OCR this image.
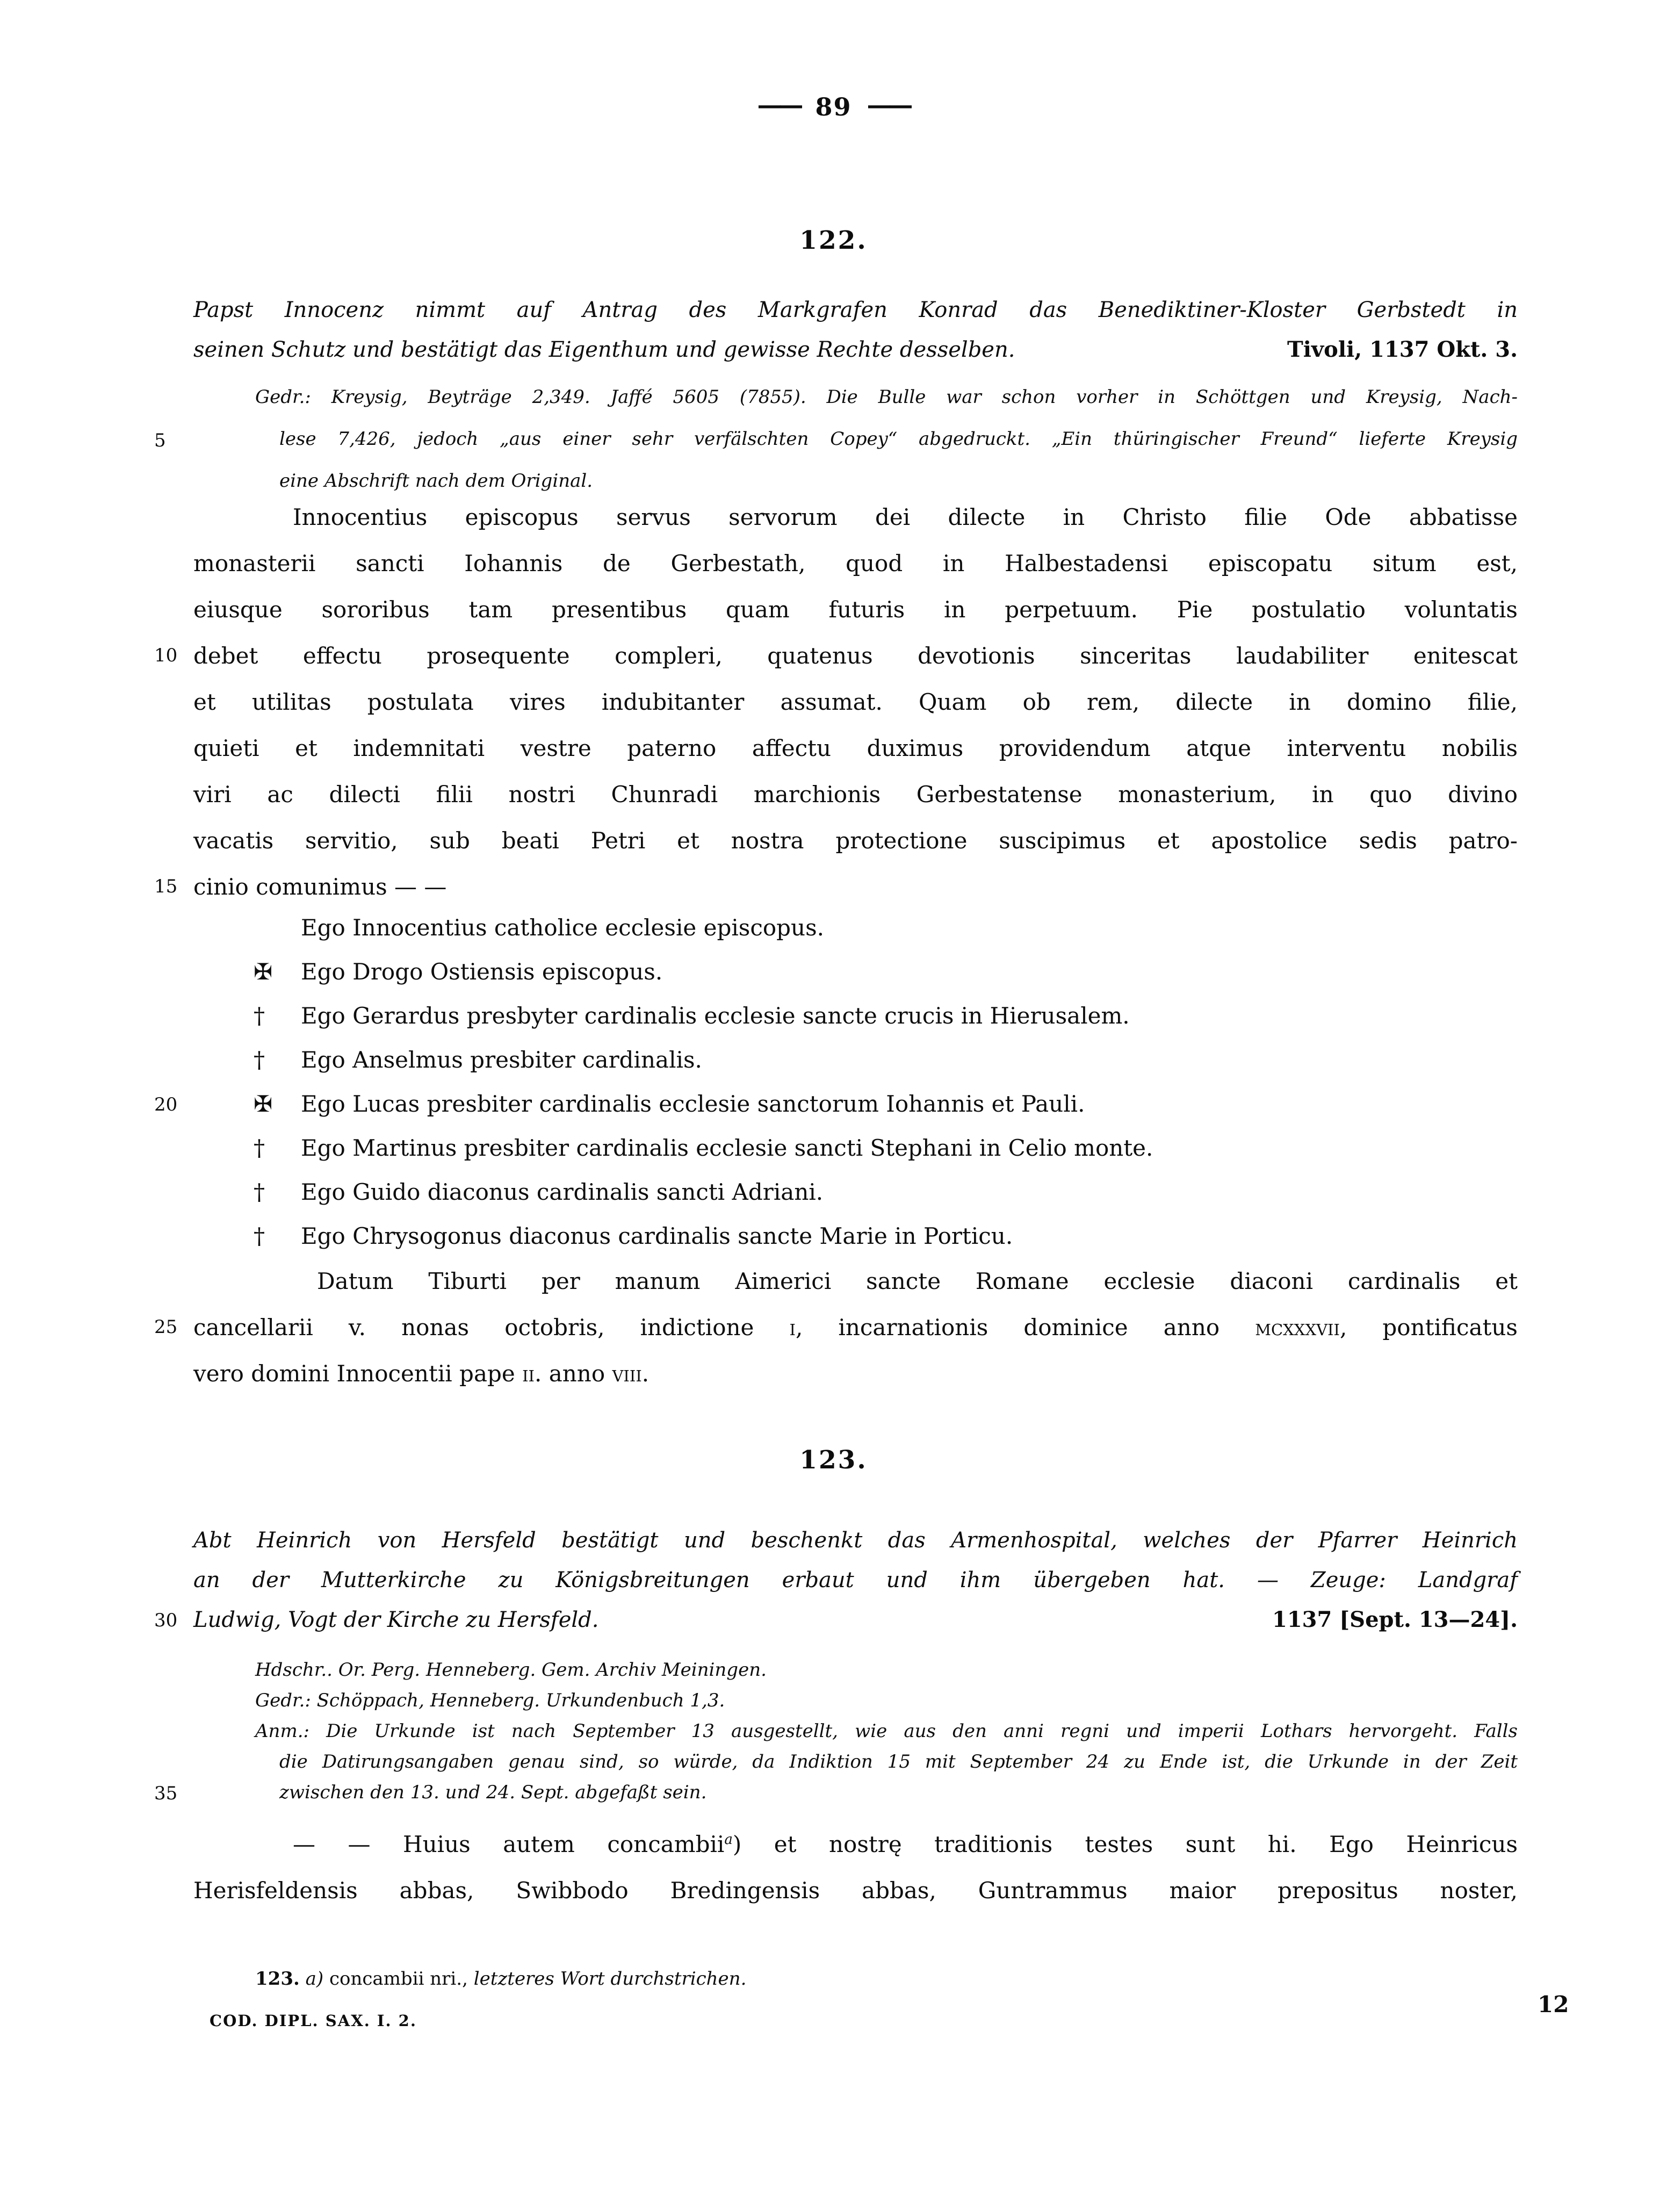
—— 89 ——
122.
Papst Innocenz nimmt auf Antrag des Markgrafen Konrad das Benediktiner-Kloster Gerbstedt in
seinen Schutz und bestätigt das Eigenthum und gewisse Rechte desselben.	Tivoli, 1137 Okt. 3.
Gedr.: Kreysig, Beyträge 2,349. Jaffé 5605 (7855). Die Bulle war schon vorher in Schöttgen und Kreysig, Nach-
lese 7,426, jedoch „aus einer sehr verfälschten Copey“ abgedruckt. „Ein thüringischer Freund“ lieferte Kreysig
eine Abschrift nach dem Original.
Innocentius episcopus servus servorum dei dilecte in Christo filie Ode abbatisse
monasterii sancti Iohannis de Gerbestath, quod in Halbestadensi episcopatu situm est,
eiusque sororibus tam presentibus quam futuris in perpetuum. Pie postulatio voluntatis
debet effectu prosequente compleri, quatenus devotionis sinceritas laudabiliter enitescat
et utilitas postulata vires indubitanter assumat. Quam ob rem, dilecte in domino filie,
quieti et indemnitati vestre paterno affectu duximus providendum atque interventu nobilis
viri ac dilecti filii nostri Chunradi marchionis Gerbestatense monasterium, in quo divino
vacatis servitio, sub beati Petri et nostra protectione suscipimus et apostolice sedis patro-
cinio comunimus — —
Ego Innocentius catholice ecclesie episcopus.
✠ Ego Drogo Ostiensis episcopus.
† Ego Gerardus presbyter cardinalis ecclesie sancte crucis in Hierusalem.
† Ego Anselmus presbiter cardinalis.
✠ Ego Lucas presbiter cardinalis ecclesie sanctorum Iohannis et Pauli.
† Ego Martinus presbiter cardinalis ecclesie sancti Stephani in Celio monte.
† Ego Guido diaconus cardinalis sancti Adriani.
† Ego Chrysogonus diaconus cardinalis sancte Marie in Porticu.
Datum Tiburti per manum Aimerici sancte Romane ecclesie diaconi cardinalis et
cancellarii v. nonas octobris, indictione i, incarnationis dominice anno mcxxxvii, pontificatus
vero domini Innocentii pape ii. anno viii.
123.
Abt Heinrich von Hersfeld bestätigt und beschenkt das Armenhospital, welches der Pfarrer Heinrich
an der Mutterkirche zu Königsbreitungen erbaut und ihm übergeben hat. — Zeuge: Landgraf
Ludwig, Vogt der Kirche zu Hersfeld.	1137 [Sept. 13—24].
Hdschr.. Or. Perg. Henneberg. Gem. Archiv Meiningen.
Gedr.: Schöppach, Henneberg. Urkundenbuch 1,3.
Anm.: Die Urkunde ist nach September 13 ausgestellt, wie aus den anni regni und imperii Lothars hervorgeht. Falls
die Datirungsangaben genau sind, so würde, da Indiktion 15 mit September 24 zu Ende ist, die Urkunde in der Zeit
zwischen den 13. und 24. Sept. abgefaßt sein.
— — Huius autem concambii$^a$) et nostrę traditionis testes sunt hi. Ego Heinricus
Herisfeldensis abbas, Swibbodo Bredingensis abbas, Guntrammus maior prepositus noster,
123. a) concambii nri., letzteres Wort durchstrichen.
5
10
15
20
25
30
35
COD. DIPL. SAX. I. 2.
12
